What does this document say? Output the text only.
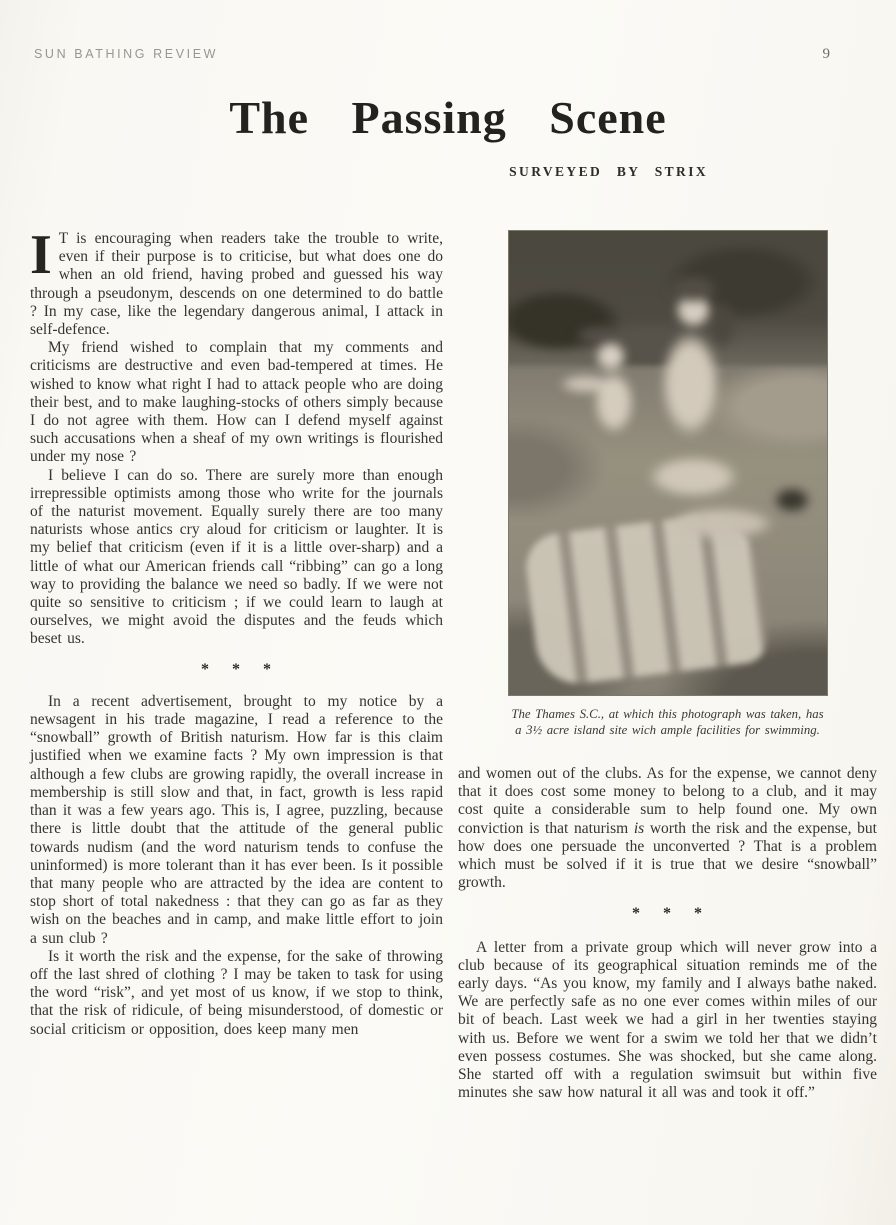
SUN BATHING REVIEW	9
The Passing Scene
SURVEYED BY STRIX

I T is encouraging when readers take the trouble to write, even if their purpose is to criticise, but what does one do when an old friend, having probed and guessed his way through a pseudonym, descends on one determined to do battle ? In my case, like the legendary dangerous animal, I attack in self-defence.

My friend wished to complain that my comments and criticisms are destructive and even bad-tempered at times. He wished to know what right I had to attack people who are doing their best, and to make laughing-stocks of others simply because I do not agree with them. How can I defend myself against such accusations when a sheaf of my own writings is flourished under my nose ?

I believe I can do so. There are surely more than enough irrepressible optimists among those who write for the journals of the naturist movement. Equally surely there are too many naturists whose antics cry aloud for criticism or laughter. It is my belief that criticism (even if it is a little over-sharp) and a little of what our American friends call “ribbing” can go a long way to providing the balance we need so badly. If we were not quite so sensitive to criticism ; if we could learn to laugh at ourselves, we might avoid the disputes and the feuds which beset us.

* * *

In a recent advertisement, brought to my notice by a newsagent in his trade magazine, I read a reference to the “snowball” growth of British naturism. How far is this claim justified when we examine facts ? My own impression is that although a few clubs are growing rapidly, the overall increase in membership is still slow and that, in fact, growth is less rapid than it was a few years ago. This is, I agree, puzzling, because there is little doubt that the attitude of the general public towards nudism (and the word naturism tends to confuse the uninformed) is more tolerant than it has ever been. Is it possible that many people who are attracted by the idea are content to stop short of total nakedness : that they can go as far as they wish on the beaches and in camp, and make little effort to join a sun club ?

Is it worth the risk and the expense, for the sake of throwing off the last shred of clothing ? I may be taken to task for using the word “risk”, and yet most of us know, if we stop to think, that the risk of ridicule, of being misunderstood, of domestic or social criticism or opposition, does keep many men

The Thames S.C., at which this photograph was taken, has a 3½ acre island site wich ample facilities for swimming.

and women out of the clubs. As for the expense, we cannot deny that it does cost some money to belong to a club, and it may cost quite a considerable sum to help found one. My own conviction is that naturism is worth the risk and the expense, but how does one persuade the unconverted ? That is a problem which must be solved if it is true that we desire “snowball” growth.

* * *

A letter from a private group which will never grow into a club because of its geographical situation reminds me of the early days. “As you know, my family and I always bathe naked. We are perfectly safe as no one ever comes within miles of our bit of beach. Last week we had a girl in her twenties staying with us. Before we went for a swim we told her that we didn’t even possess costumes. She was shocked, but she came along. She started off with a regulation swimsuit but within five minutes she saw how natural it all was and took it off.”
